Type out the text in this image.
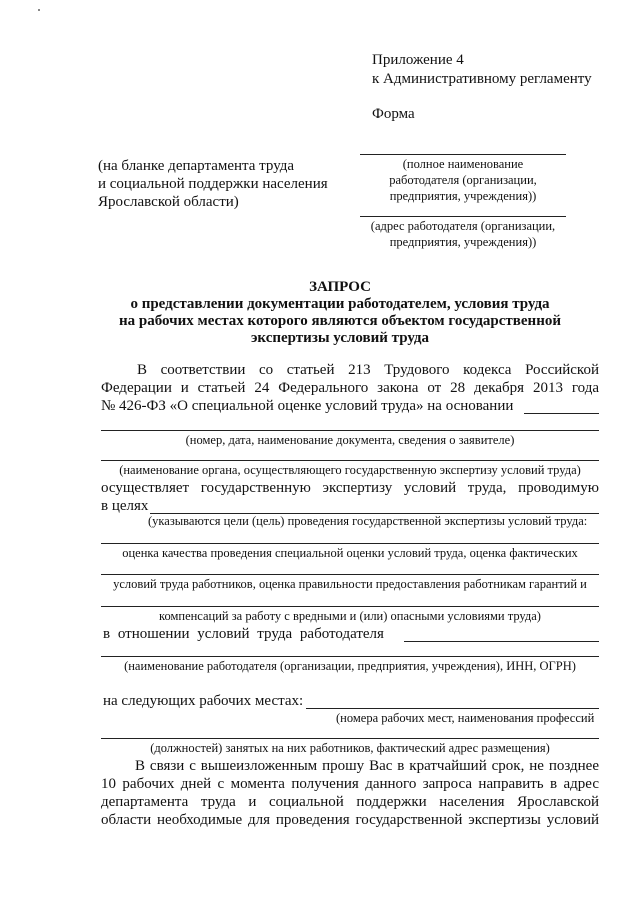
Приложение 4
к Административному регламенту
Форма
(на бланке департамента труда
и социальной поддержки населения
Ярославской области)
(полное наименование
работодателя (организации,
предприятия, учреждения))
(адрес работодателя (организации,
предприятия, учреждения))
ЗАПРОС
о представлении документации работодателем, условия труда
на рабочих местах которого являются объектом государственной
экспертизы условий труда
В соответствии со статьей 213 Трудового кодекса Российской
Федерации и статьей 24 Федерального закона от 28 декабря 2013 года
№ 426-ФЗ «О специальной оценке условий труда» на основании
(номер, дата, наименование документа, сведения о заявителе)
(наименование органа, осуществляющего государственную экспертизу условий труда)
осуществляет государственную экспертизу условий труда, проводимую
в целях
(указываются цели (цель) проведения государственной экспертизы условий труда:
оценка качества проведения специальной оценки условий труда, оценка фактических
условий труда работников, оценка правильности предоставления работникам гарантий и
компенсаций за работу с вредными и (или) опасными условиями труда)
в отношении условий труда работодателя
(наименование работодателя (организации, предприятия, учреждения), ИНН, ОГРН)
на следующих рабочих местах:
(номера рабочих мест, наименования профессий
(должностей) занятых на них работников, фактический адрес размещения)
В связи с вышеизложенным прошу Вас в кратчайший срок, не позднее
10 рабочих дней с момента получения данного запроса направить в адрес
департамента труда и социальной поддержки населения Ярославской
области необходимые для проведения государственной экспертизы условий
